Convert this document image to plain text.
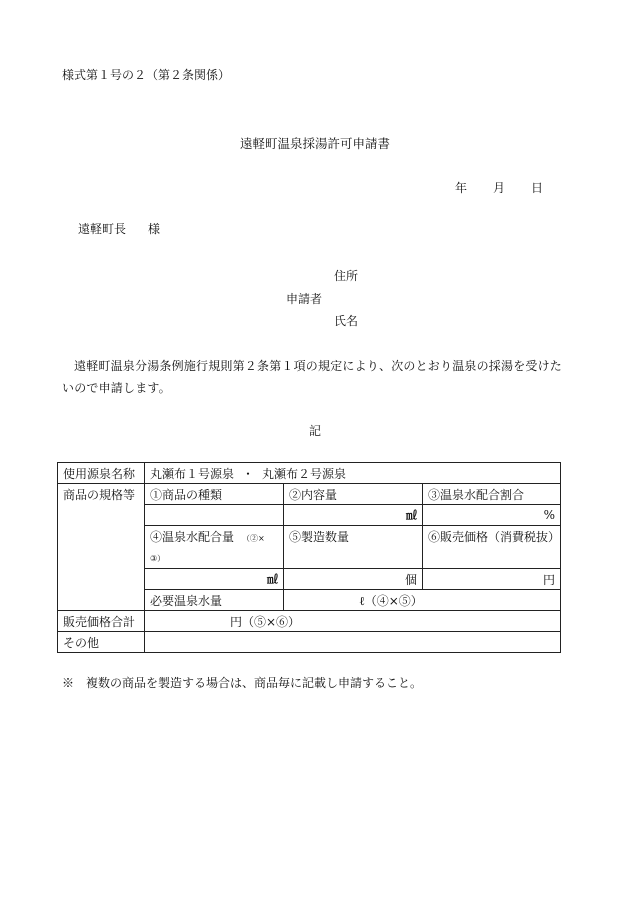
様式第１号の２（第２条関係）
遠軽町温泉採湯許可申請書
年 月 日
遠軽町長 様
住所
申請者
氏名
遠軽町温泉分湯条例施行規則第２条第１項の規定により、次のとおり温泉の採湯を受けたいので申請します。
記
使用源泉名称	丸瀬布１号源泉 ・ 丸瀬布２号源泉		
商品の規格等	①商品の種類	②内容量	③温泉水配合割合
		㎖	%

	④温泉水配合量　 （②×
③）	⑤製造数量	⑥販売価格（消費税抜）
	㎖	個	円
	必要温泉水量	ℓ（④×⑤）	
販売価格合計	円（⑤×⑥）		
その他			
※　複数の商品を製造する場合は、商品毎に記載し申請すること。
